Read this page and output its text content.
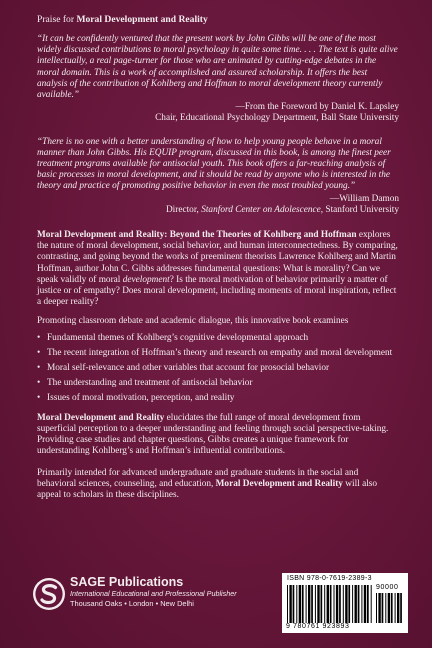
Praise for Moral Development and Reality

“It can be confidently ventured that the present work by John Gibbs will be one of the most widely discussed contributions to moral psychology in quite some time. . . . The text is quite alive intellectually, a real page-turner for those who are animated by cutting-edge debates in the moral domain. This is a work of accomplished and assured scholarship. It offers the best analysis of the contribution of Kohlberg and Hoffman to moral development theory currently available.”

—From the Foreword by Daniel K. Lapsley

Chair, Educational Psychology Department, Ball State University

“There is no one with a better understanding of how to help young people behave in a moral manner than John Gibbs. His EQUIP program, discussed in this book, is among the finest peer treatment programs available for antisocial youth. This book offers a far-reaching analysis of basic processes in moral development, and it should be read by anyone who is interested in the theory and practice of promoting positive behavior in even the most troubled young.”

—William Damon

Director, Stanford Center on Adolescence, Stanford University

Moral Development and Reality: Beyond the Theories of Kohlberg and Hoffman explores the nature of moral development, social behavior, and human interconnectedness. By comparing, contrasting, and going beyond the works of preeminent theorists Lawrence Kohlberg and Martin Hoffman, author John C. Gibbs addresses fundamental questions: What is morality? Can we speak validly of moral development? Is the moral motivation of behavior primarily a matter of justice or of empathy? Does moral development, including moments of moral inspiration, reflect a deeper reality?

Promoting classroom debate and academic dialogue, this innovative book examines

• Fundamental themes of Kohlberg’s cognitive developmental approach
• The recent integration of Hoffman’s theory and research on empathy and moral development
• Moral self-relevance and other variables that account for prosocial behavior
• The understanding and treatment of antisocial behavior
• Issues of moral motivation, perception, and reality

Moral Development and Reality elucidates the full range of moral development from superficial perception to a deeper understanding and feeling through social perspective-taking. Providing case studies and chapter questions, Gibbs creates a unique framework for understanding Kohlberg’s and Hoffman’s influential contributions.

Primarily intended for advanced undergraduate and graduate students in the social and behavioral sciences, counseling, and education, Moral Development and Reality will also appeal to scholars in these disciplines.

SAGE Publications
International Educational and Professional Publisher
Thousand Oaks • London • New Delhi
ISBN 978-0-7619-2389-3
90000
9 780761 923893
